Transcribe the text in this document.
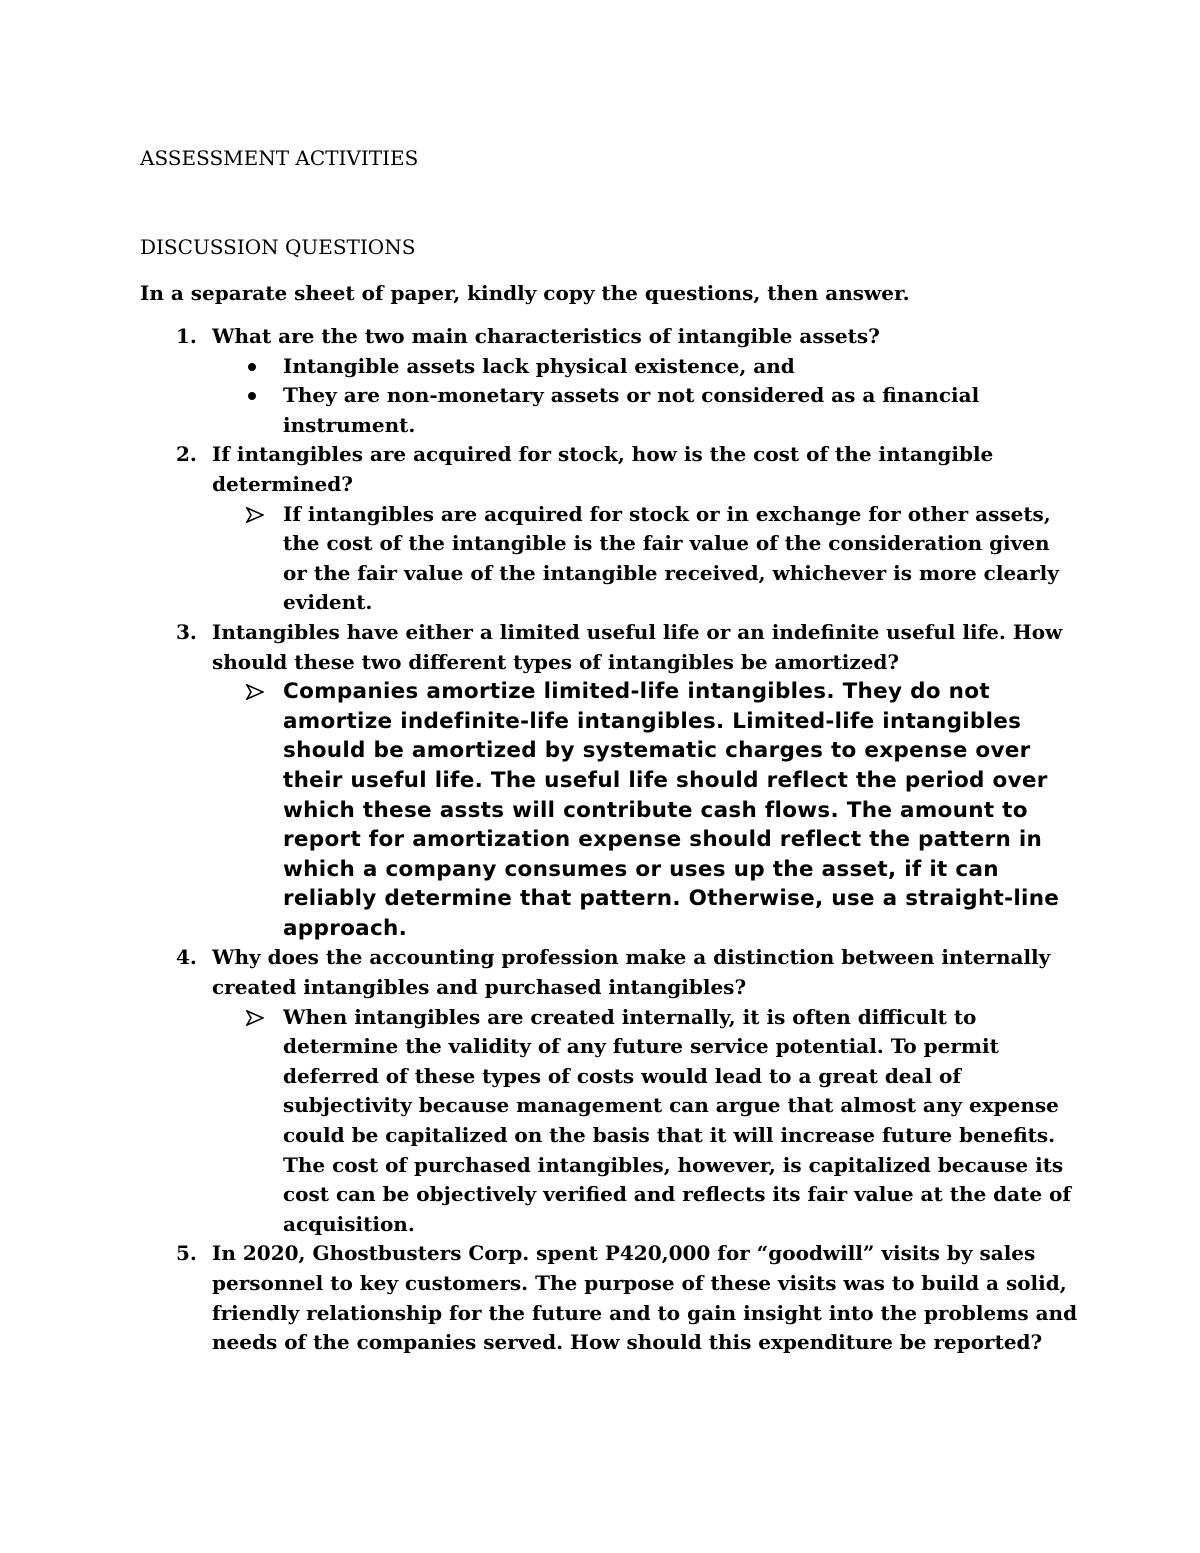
ASSESSMENT ACTIVITIES
DISCUSSION QUESTIONS
In a separate sheet of paper, kindly copy the questions, then answer.
1. What are the two main characteristics of intangible assets?
Intangible assets lack physical existence, and
They are non-monetary assets or not considered as a financial instrument.
2. If intangibles are acquired for stock, how is the cost of the intangible determined?
If intangibles are acquired for stock or in exchange for other assets, the cost of the intangible is the fair value of the consideration given or the fair value of the intangible received, whichever is more clearly evident.
3. Intangibles have either a limited useful life or an indefinite useful life. How should these two different types of intangibles be amortized?
Companies amortize limited-life intangibles. They do not amortize indefinite-life intangibles. Limited-life intangibles should be amortized by systematic charges to expense over their useful life. The useful life should reflect the period over which these assts will contribute cash flows. The amount to report for amortization expense should reflect the pattern in which a company consumes or uses up the asset, if it can reliably determine that pattern. Otherwise, use a straight-line approach.
4. Why does the accounting profession make a distinction between internally created intangibles and purchased intangibles?
When intangibles are created internally, it is often difficult to determine the validity of any future service potential. To permit deferred of these types of costs would lead to a great deal of subjectivity because management can argue that almost any expense could be capitalized on the basis that it will increase future benefits. The cost of purchased intangibles, however, is capitalized because its cost can be objectively verified and reflects its fair value at the date of acquisition.
5. In 2020, Ghostbusters Corp. spent P420,000 for “goodwill” visits by sales personnel to key customers. The purpose of these visits was to build a solid, friendly relationship for the future and to gain insight into the problems and needs of the companies served. How should this expenditure be reported?
